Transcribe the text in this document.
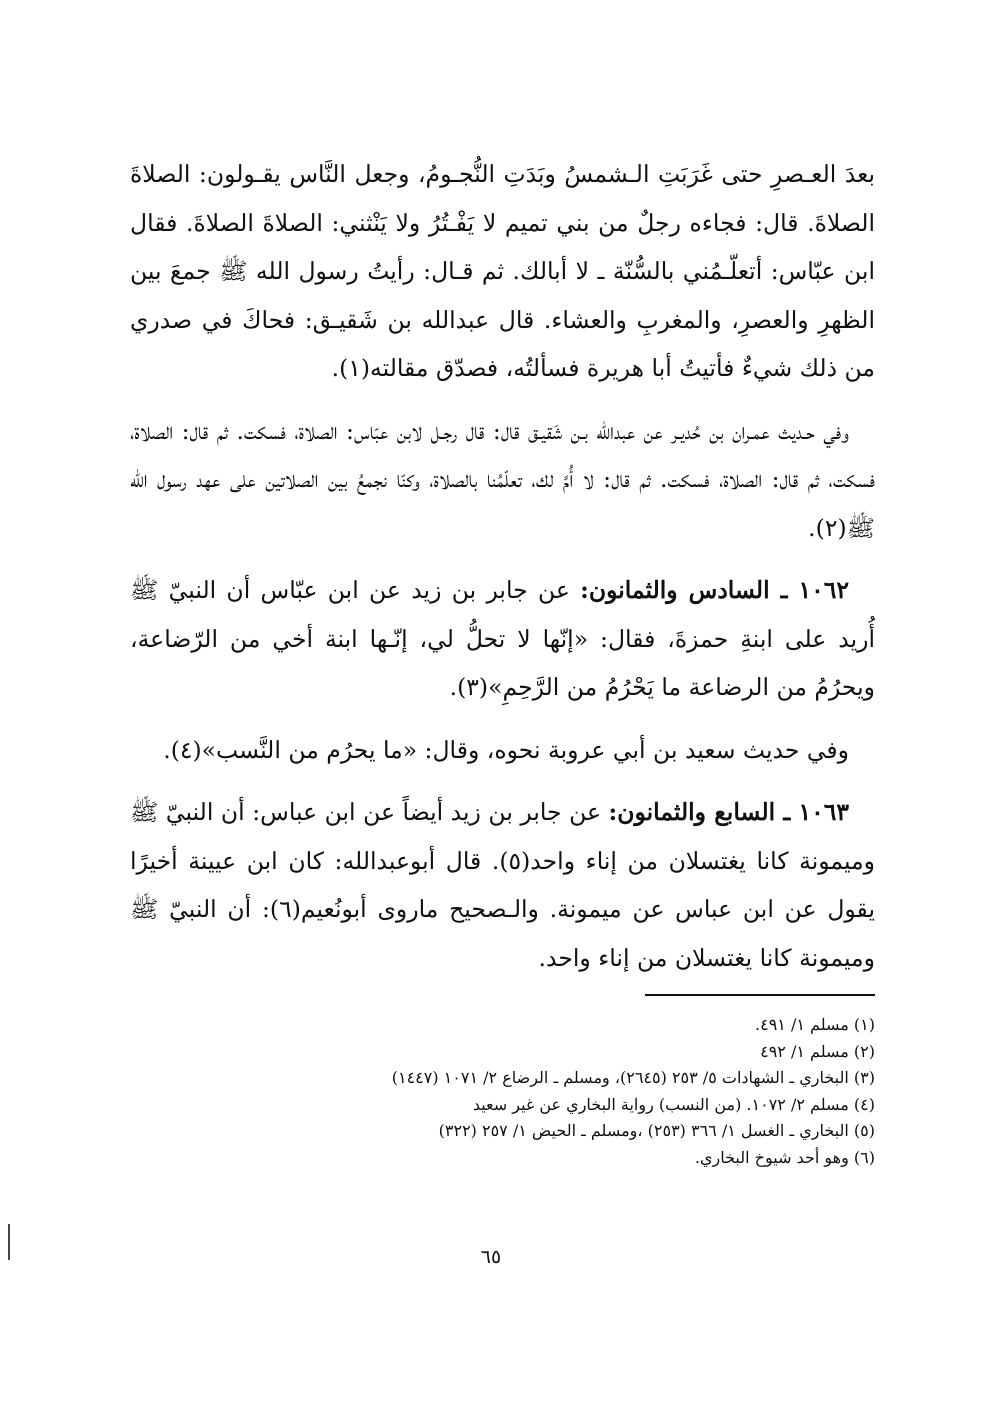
بعدَ العـصرِ حتى غَرَبَتِ الـشمسُ وبَدَتِ النُّجـومُ، وجعل النَّاس يقـولون: الصلاةَ الصلاةَ. قال: فجاءه رجلٌ من بني تميم لا يَفْـتُرُ ولا يَنْثني: الصلاةَ الصلاةَ. فقال ابن عبّاس: أتعلّـمُني بالسُّنّة ـ لا أبالك. ثم قـال: رأيتُ رسول الله ﷺ جمعَ بين الظهرِ والعصرِ، والمغربِ والعشاء. قال عبدالله بن شَقيـق: فحاكَ في صدري من ذلك شيءٌ فأتيتُ أبا هريرة فسألتُه، فصدّق مقالته(١).

وفي حـديث عمـران بن حُديـر عن عبدالله بـن شَقيـق قال: قال رجـل لابن عبّاس: الصلاة، فسكت. ثم قال: الصلاة، فسكت، ثم قال: الصلاة، فسكت. ثم قال: لا أُمَّ لك، تعلّمُنا بالصلاة، وكنّا نجمعُ بين الصلاتين على عهد رسول الله ﷺ(٢).

١٠٦٢ ـ السادس والثمانون: عن جابر بن زيد عن ابن عبّاس أن النبيّ ﷺ أُريد على ابنةِ حمزةَ، فقال: «إنّها لا تحلُّ لي، إنّـها ابنة أخي من الرّضاعة، ويحرُمُ من الرضاعة ما يَحْرُمُ من الرَّحِمِ»(٣).

وفي حديث سعيد بن أبي عروبة نحوه، وقال: «ما يحرُم من النَّسب»(٤).

١٠٦٣ ـ السابع والثمانون: عن جابر بن زيد أيضاً عن ابن عباس: أن النبيّ ﷺ وميمونة كانا يغتسلان من إناء واحد(٥). قال أبوعبدالله: كان ابن عيينة أخيرًا يقول عن ابن عباس عن ميمونة. والـصحيح ماروى أبونُعيم(٦): أن النبيّ ﷺ وميمونة كانا يغتسلان من إناء واحد.

(١) مسلم ١/ ٤٩١.

(٢) مسلم ١/ ٤٩٢

(٣) البخاري ـ الشهادات ٥/ ٢٥٣ (٢٦٤٥)، ومسلم ـ الرضاع ٢/ ١٠٧١ (١٤٤٧)

(٤) مسلم ٢/ ١٠٧٢. (من النسب) رواية البخاري عن غير سعيد

(٥) البخاري ـ الغسل ١/ ٣٦٦ (٢٥٣) ،ومسلم ـ الحيض ١/ ٢٥٧ (٣٢٢)

(٦) وهو أحد شيوخ البخاري.

٦٥
